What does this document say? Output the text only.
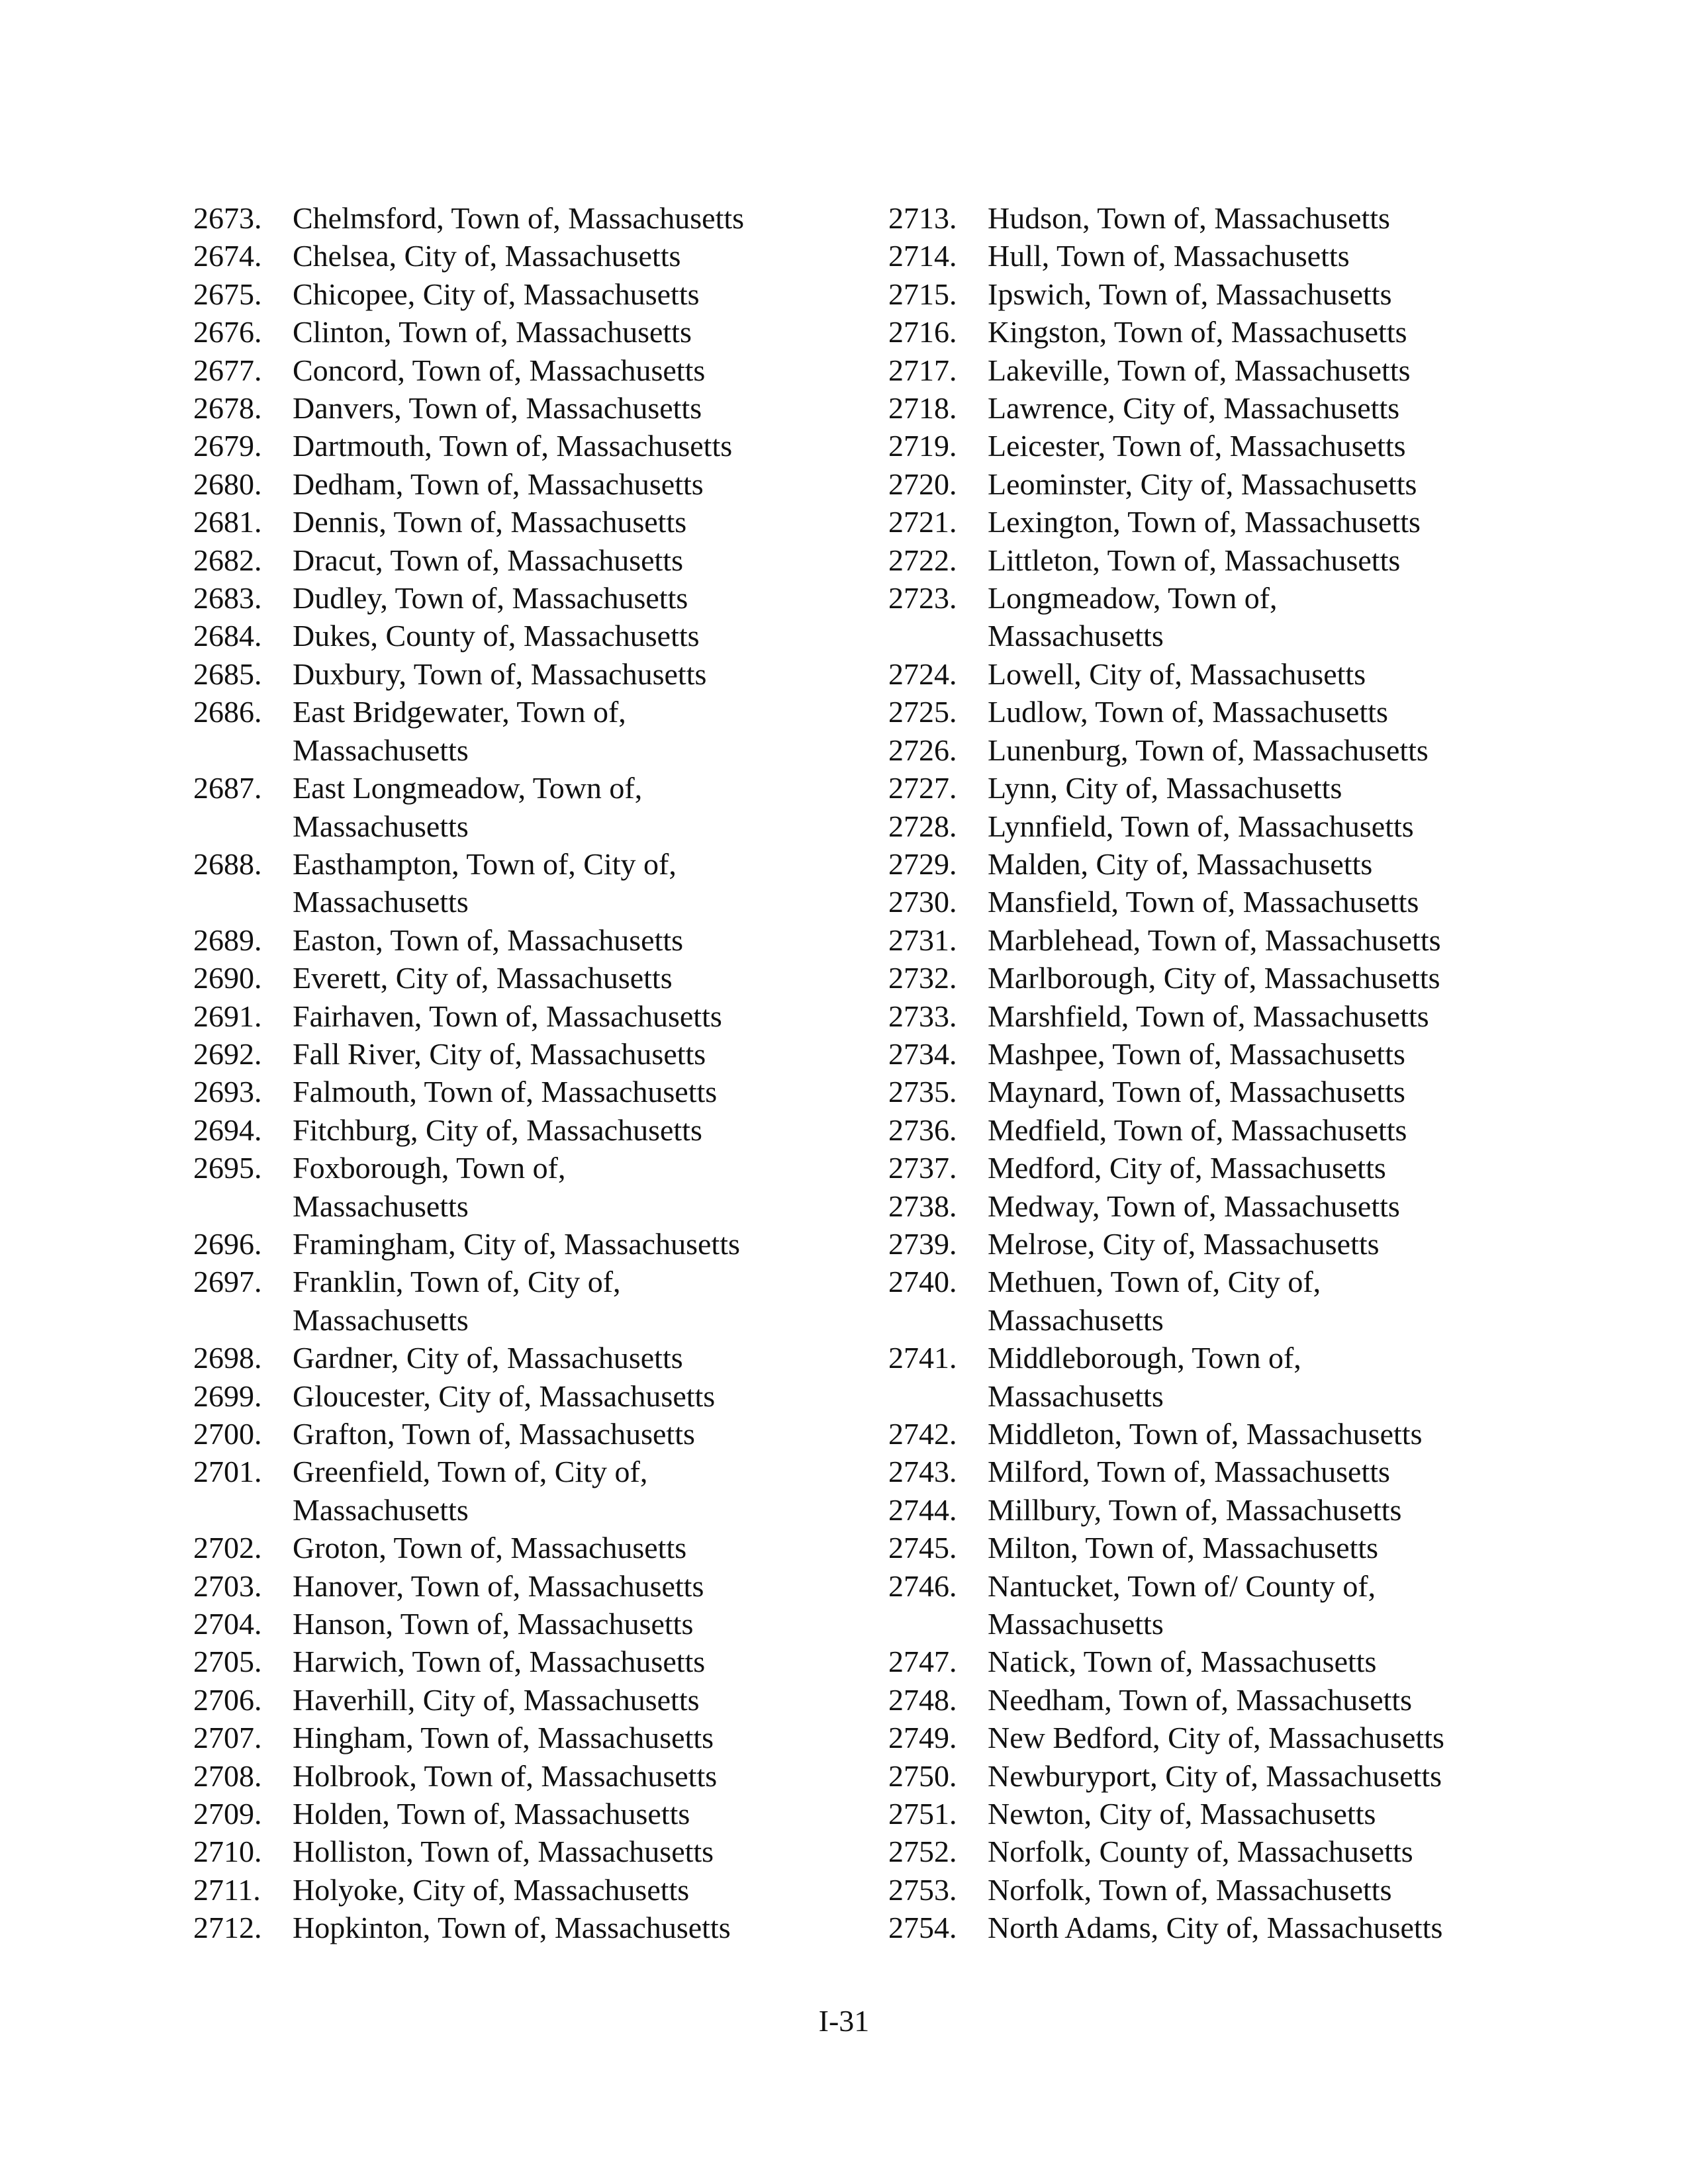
2673.	Chelmsford, Town of, Massachusetts
2674.	Chelsea, City of, Massachusetts
2675.	Chicopee, City of, Massachusetts
2676.	Clinton, Town of, Massachusetts
2677.	Concord, Town of, Massachusetts
2678.	Danvers, Town of, Massachusetts
2679.	Dartmouth, Town of, Massachusetts
2680.	Dedham, Town of, Massachusetts
2681.	Dennis, Town of, Massachusetts
2682.	Dracut, Town of, Massachusetts
2683.	Dudley, Town of, Massachusetts
2684.	Dukes, County of, Massachusetts
2685.	Duxbury, Town of, Massachusetts
2686.	East Bridgewater, Town of,
Massachusetts
2687.	East Longmeadow, Town of,
Massachusetts
2688.	Easthampton, Town of, City of,
Massachusetts
2689.	Easton, Town of, Massachusetts
2690.	Everett, City of, Massachusetts
2691.	Fairhaven, Town of, Massachusetts
2692.	Fall River, City of, Massachusetts
2693.	Falmouth, Town of, Massachusetts
2694.	Fitchburg, City of, Massachusetts
2695.	Foxborough, Town of,
Massachusetts
2696.	Framingham, City of, Massachusetts
2697.	Franklin, Town of, City of,
Massachusetts
2698.	Gardner, City of, Massachusetts
2699.	Gloucester, City of, Massachusetts
2700.	Grafton, Town of, Massachusetts
2701.	Greenfield, Town of, City of,
Massachusetts
2702.	Groton, Town of, Massachusetts
2703.	Hanover, Town of, Massachusetts
2704.	Hanson, Town of, Massachusetts
2705.	Harwich, Town of, Massachusetts
2706.	Haverhill, City of, Massachusetts
2707.	Hingham, Town of, Massachusetts
2708.	Holbrook, Town of, Massachusetts
2709.	Holden, Town of, Massachusetts
2710.	Holliston, Town of, Massachusetts
2711.	Holyoke, City of, Massachusetts
2712.	Hopkinton, Town of, Massachusetts
2713.	Hudson, Town of, Massachusetts
2714.	Hull, Town of, Massachusetts
2715.	Ipswich, Town of, Massachusetts
2716.	Kingston, Town of, Massachusetts
2717.	Lakeville, Town of, Massachusetts
2718.	Lawrence, City of, Massachusetts
2719.	Leicester, Town of, Massachusetts
2720.	Leominster, City of, Massachusetts
2721.	Lexington, Town of, Massachusetts
2722.	Littleton, Town of, Massachusetts
2723.	Longmeadow, Town of,
Massachusetts
2724.	Lowell, City of, Massachusetts
2725.	Ludlow, Town of, Massachusetts
2726.	Lunenburg, Town of, Massachusetts
2727.	Lynn, City of, Massachusetts
2728.	Lynnfield, Town of, Massachusetts
2729.	Malden, City of, Massachusetts
2730.	Mansfield, Town of, Massachusetts
2731.	Marblehead, Town of, Massachusetts
2732.	Marlborough, City of, Massachusetts
2733.	Marshfield, Town of, Massachusetts
2734.	Mashpee, Town of, Massachusetts
2735.	Maynard, Town of, Massachusetts
2736.	Medfield, Town of, Massachusetts
2737.	Medford, City of, Massachusetts
2738.	Medway, Town of, Massachusetts
2739.	Melrose, City of, Massachusetts
2740.	Methuen, Town of, City of,
Massachusetts
2741.	Middleborough, Town of,
Massachusetts
2742.	Middleton, Town of, Massachusetts
2743.	Milford, Town of, Massachusetts
2744.	Millbury, Town of, Massachusetts
2745.	Milton, Town of, Massachusetts
2746.	Nantucket, Town of/ County of,
Massachusetts
2747.	Natick, Town of, Massachusetts
2748.	Needham, Town of, Massachusetts
2749.	New Bedford, City of, Massachusetts
2750.	Newburyport, City of, Massachusetts
2751.	Newton, City of, Massachusetts
2752.	Norfolk, County of, Massachusetts
2753.	Norfolk, Town of, Massachusetts
2754.	North Adams, City of, Massachusetts
I-31
